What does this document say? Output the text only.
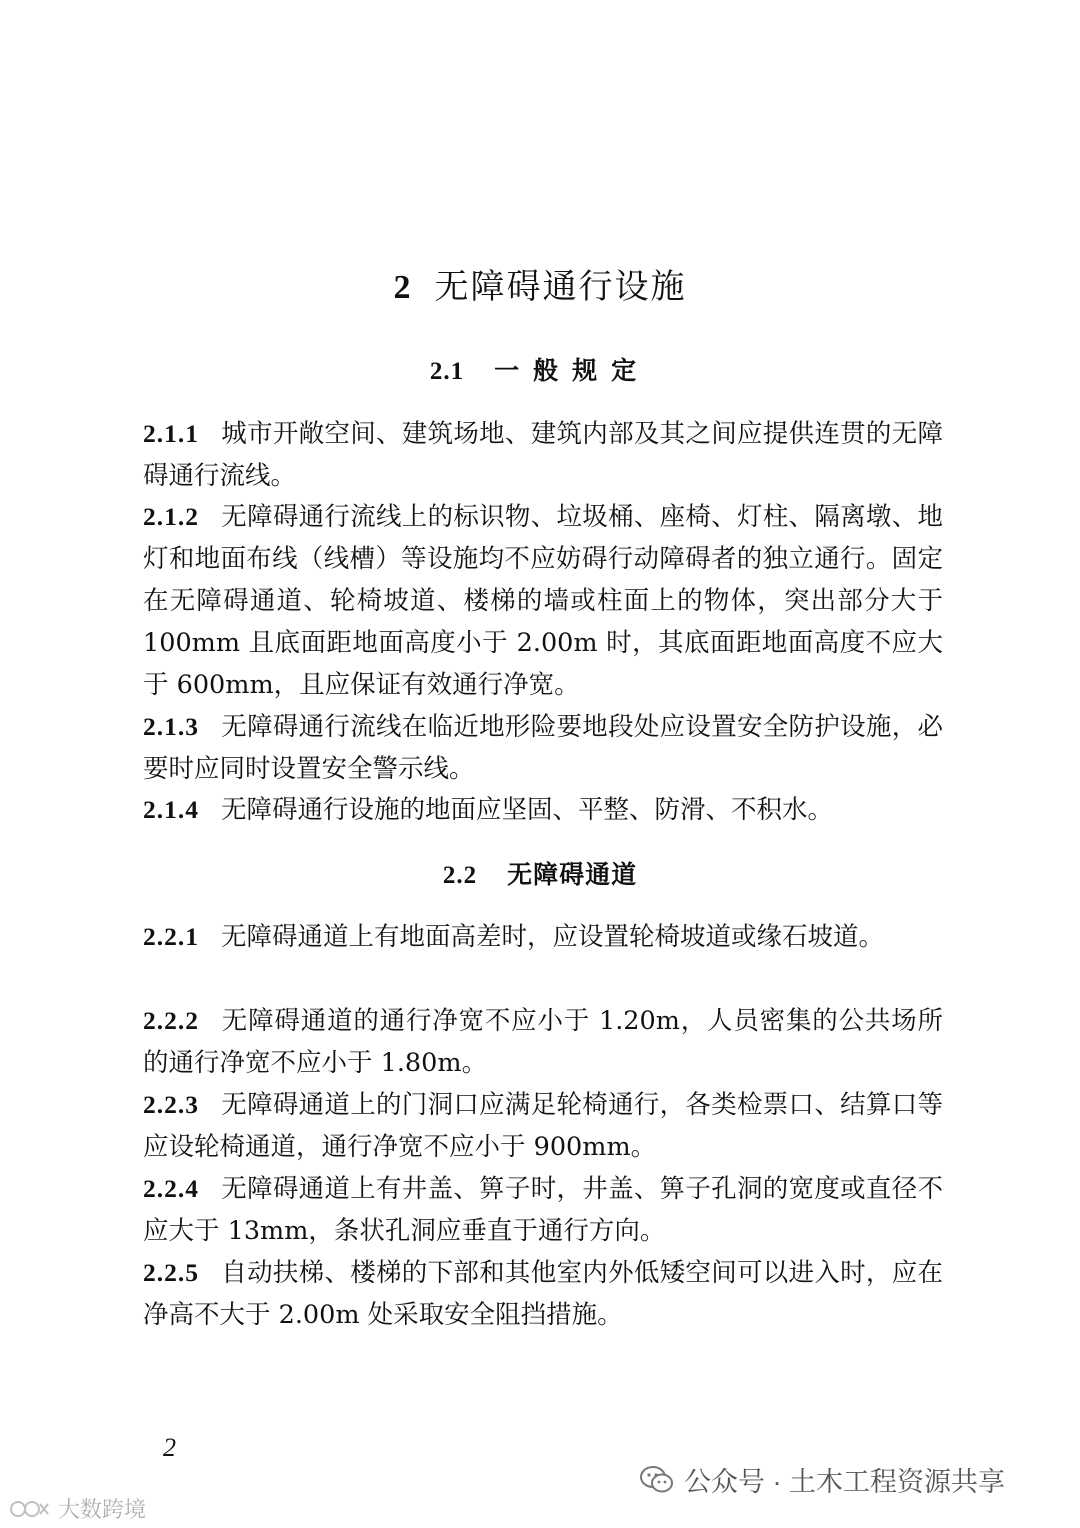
2 无障碍通行设施
2.1 一般规定
2.1.1 城市开敞空间、建筑场地、建筑内部及其之间应提供连贯的无障碍通行流线。
2.1.2 无障碍通行流线上的标识物、垃圾桶、座椅、灯柱、隔离墩、地灯和地面布线（线槽）等设施均不应妨碍行动障碍者的独立通行。固定在无障碍通道、轮椅坡道、楼梯的墙或柱面上的物体，突出部分大于 100mm 且底面距地面高度小于 2.00m 时，其底面距地面高度不应大于 600mm，且应保证有效通行净宽。
2.1.3 无障碍通行流线在临近地形险要地段处应设置安全防护设施，必要时应同时设置安全警示线。
2.1.4 无障碍通行设施的地面应坚固、平整、防滑、不积水。
2.2 无障碍通道
2.2.1 无障碍通道上有地面高差时，应设置轮椅坡道或缘石坡道。
2.2.2 无障碍通道的通行净宽不应小于 1.20m，人员密集的公共场所的通行净宽不应小于 1.80m。
2.2.3 无障碍通道上的门洞口应满足轮椅通行，各类检票口、结算口等应设轮椅通道，通行净宽不应小于 900mm。
2.2.4 无障碍通道上有井盖、箅子时，井盖、箅子孔洞的宽度或直径不应大于 13mm，条状孔洞应垂直于通行方向。
2.2.5 自动扶梯、楼梯的下部和其他室内外低矮空间可以进入时，应在净高不大于 2.00m 处采取安全阻挡措施。
2
公众号 · 土木工程资源共享
大数跨境
